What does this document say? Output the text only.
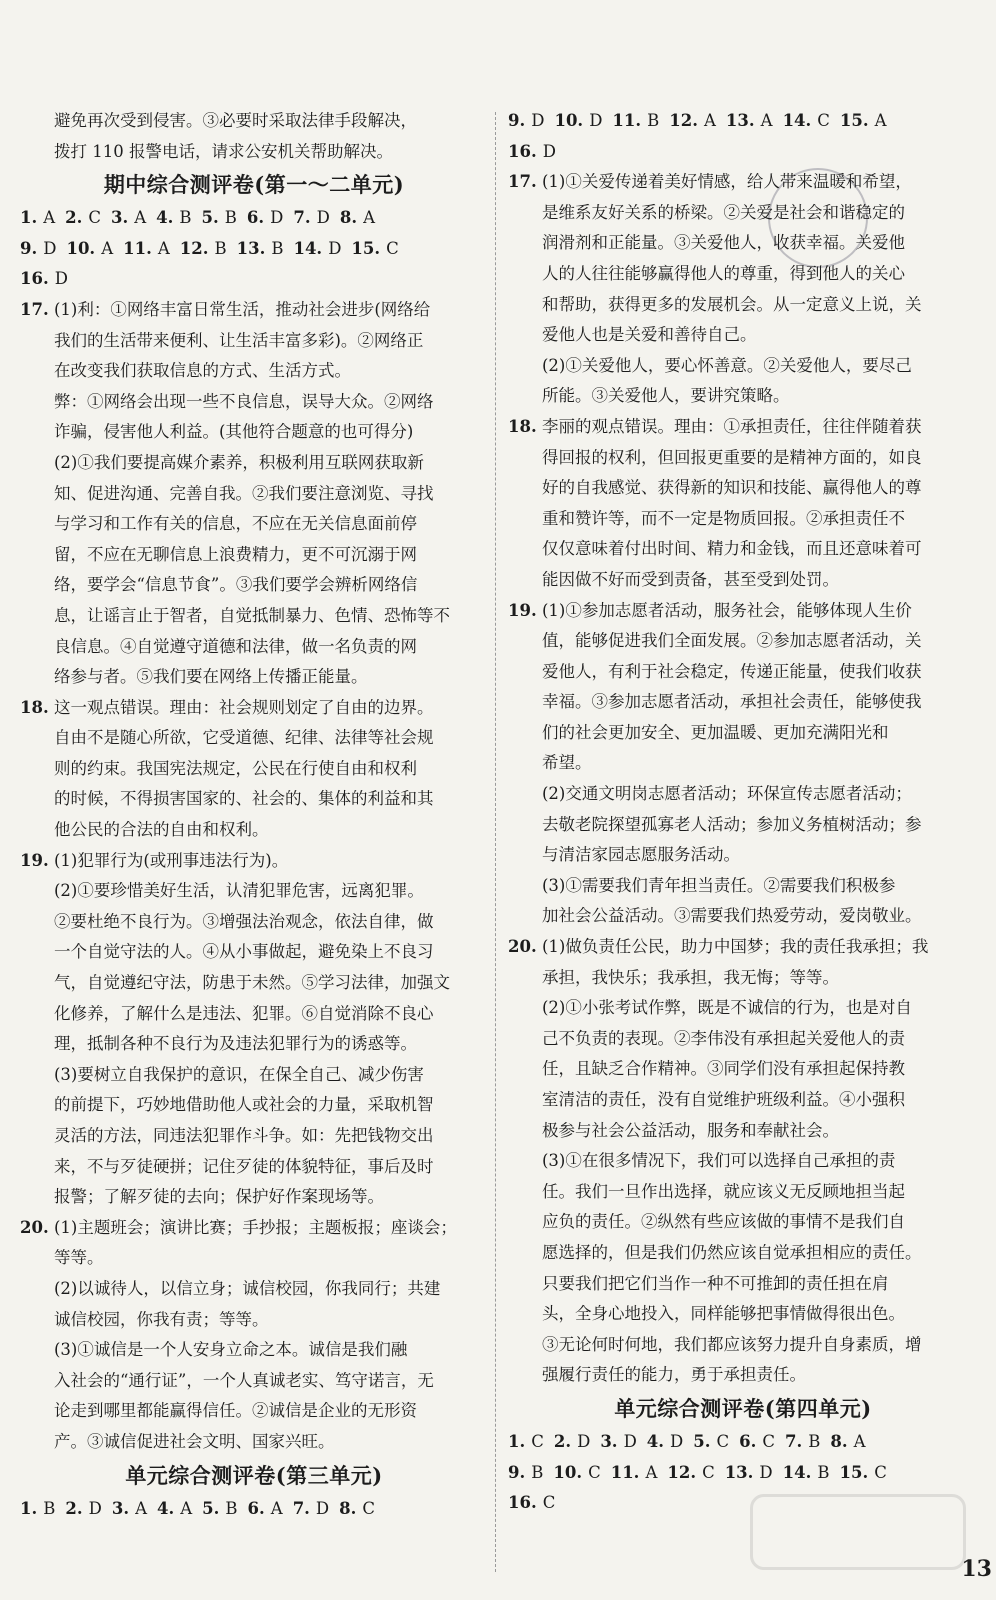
避免再次受到侵害。③必要时采取法律手段解决，
拨打 110 报警电话，请求公安机关帮助解决。
期中综合测评卷(第一～二单元)
1. A 2. C 3. A 4. B 5. B 6. D 7. D 8. A
9. D 10. A 11. A 12. B 13. B 14. D 15. C
16. D
17. (1)利：①网络丰富日常生活，推动社会进步(网络给
我们的生活带来便利、让生活丰富多彩)。②网络正
在改变我们获取信息的方式、生活方式。
弊：①网络会出现一些不良信息，误导大众。②网络
诈骗，侵害他人利益。(其他符合题意的也可得分)
(2)①我们要提高媒介素养，积极利用互联网获取新
知、促进沟通、完善自我。②我们要注意浏览、寻找
与学习和工作有关的信息，不应在无关信息面前停
留，不应在无聊信息上浪费精力，更不可沉溺于网
络，要学会“信息节食”。③我们要学会辨析网络信
息，让谣言止于智者，自觉抵制暴力、色情、恐怖等不
良信息。④自觉遵守道德和法律，做一名负责的网
络参与者。⑤我们要在网络上传播正能量。
18. 这一观点错误。理由：社会规则划定了自由的边界。
自由不是随心所欲，它受道德、纪律、法律等社会规
则的约束。我国宪法规定，公民在行使自由和权利
的时候，不得损害国家的、社会的、集体的利益和其
他公民的合法的自由和权利。
19. (1)犯罪行为(或刑事违法行为)。
(2)①要珍惜美好生活，认清犯罪危害，远离犯罪。
②要杜绝不良行为。③增强法治观念，依法自律，做
一个自觉守法的人。④从小事做起，避免染上不良习
气，自觉遵纪守法，防患于未然。⑤学习法律，加强文
化修养，了解什么是违法、犯罪。⑥自觉消除不良心
理，抵制各种不良行为及违法犯罪行为的诱惑等。
(3)要树立自我保护的意识，在保全自己、减少伤害
的前提下，巧妙地借助他人或社会的力量，采取机智
灵活的方法，同违法犯罪作斗争。如：先把钱物交出
来，不与歹徒硬拼；记住歹徒的体貌特征，事后及时
报警；了解歹徒的去向；保护好作案现场等。
20. (1)主题班会；演讲比赛；手抄报；主题板报；座谈会；
等等。
(2)以诚待人，以信立身；诚信校园，你我同行；共建
诚信校园，你我有责；等等。
(3)①诚信是一个人安身立命之本。诚信是我们融
入社会的“通行证”，一个人真诚老实、笃守诺言，无
论走到哪里都能赢得信任。②诚信是企业的无形资
产。③诚信促进社会文明、国家兴旺。
单元综合测评卷(第三单元)
1. B 2. D 3. A 4. A 5. B 6. A 7. D 8. C
9. D 10. D 11. B 12. A 13. A 14. C 15. A
16. D
17. (1)①关爱传递着美好情感，给人带来温暖和希望，
是维系友好关系的桥梁。②关爱是社会和谐稳定的
润滑剂和正能量。③关爱他人，收获幸福。关爱他
人的人往往能够赢得他人的尊重，得到他人的关心
和帮助，获得更多的发展机会。从一定意义上说，关
爱他人也是关爱和善待自己。
(2)①关爱他人，要心怀善意。②关爱他人，要尽己
所能。③关爱他人，要讲究策略。
18. 李丽的观点错误。理由：①承担责任，往往伴随着获
得回报的权利，但回报更重要的是精神方面的，如良
好的自我感觉、获得新的知识和技能、赢得他人的尊
重和赞许等，而不一定是物质回报。②承担责任不
仅仅意味着付出时间、精力和金钱，而且还意味着可
能因做不好而受到责备，甚至受到处罚。
19. (1)①参加志愿者活动，服务社会，能够体现人生价
值，能够促进我们全面发展。②参加志愿者活动，关
爱他人，有利于社会稳定，传递正能量，使我们收获
幸福。③参加志愿者活动，承担社会责任，能够使我
们的社会更加安全、更加温暖、更加充满阳光和
希望。
(2)交通文明岗志愿者活动；环保宣传志愿者活动；
去敬老院探望孤寡老人活动；参加义务植树活动；参
与清洁家园志愿服务活动。
(3)①需要我们青年担当责任。②需要我们积极参
加社会公益活动。③需要我们热爱劳动，爱岗敬业。
20. (1)做负责任公民，助力中国梦；我的责任我承担；我
承担，我快乐；我承担，我无悔；等等。
(2)①小张考试作弊，既是不诚信的行为，也是对自
己不负责的表现。②李伟没有承担起关爱他人的责
任，且缺乏合作精神。③同学们没有承担起保持教
室清洁的责任，没有自觉维护班级利益。④小强积
极参与社会公益活动，服务和奉献社会。
(3)①在很多情况下，我们可以选择自己承担的责
任。我们一旦作出选择，就应该义无反顾地担当起
应负的责任。②纵然有些应该做的事情不是我们自
愿选择的，但是我们仍然应该自觉承担相应的责任。
只要我们把它们当作一种不可推卸的责任担在肩
头，全身心地投入，同样能够把事情做得很出色。
③无论何时何地，我们都应该努力提升自身素质，增
强履行责任的能力，勇于承担责任。
单元综合测评卷(第四单元)
1. C 2. D 3. D 4. D 5. C 6. C 7. B 8. A
9. B 10. C 11. A 12. C 13. D 14. B 15. C
16. C
13
